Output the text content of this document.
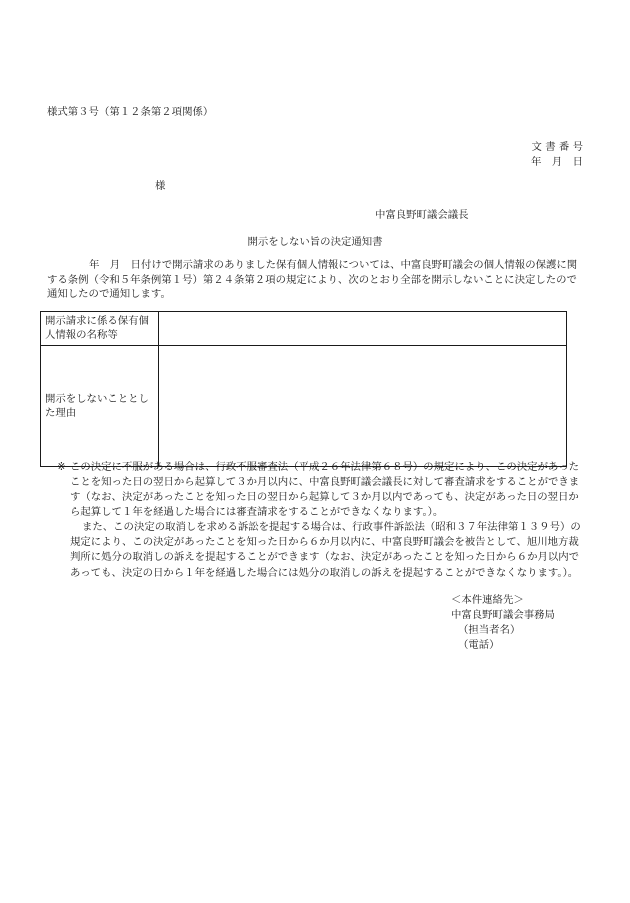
様式第３号（第１２条第２項関係）
文 書 番 号
年　月　日
様
中富良野町議会議長
開示をしない旨の決定通知書
年　月　日付けで開示請求のありました保有個人情報については、中富良野町議会の個人情報の保護に関する条例（令和５年条例第１号）第２４条第２項の規定により、次のとおり全部を開示しないことに決定したので通知したので通知します。
開示請求に係る保有個人情報の名称等	

開示をしないこととした理由	

※ この決定に不服がある場合は、行政不服審査法（平成２６年法律第６８号）の規定により、この決定があったことを知った日の翌日から起算して３か月以内に、中富良野町議会議長に対して審査請求をすることができます（なお、決定があったことを知った日の翌日から起算して３か月以内であっても、決定があった日の翌日から起算して１年を経過した場合には審査請求をすることができなくなります。）。

また、この決定の取消しを求める訴訟を提起する場合は、行政事件訴訟法（昭和３７年法律第１３９号）の規定により、この決定があったことを知った日から６か月以内に、中富良野町議会を被告として、旭川地方裁判所に処分の取消しの訴えを提起することができます（なお、決定があったことを知った日から６か月以内であっても、決定の日から１年を経過した場合には処分の取消しの訴えを提起することができなくなります。）。

＜本件連絡先＞
中富良野町議会事務局
（担当者名）
（電話）
